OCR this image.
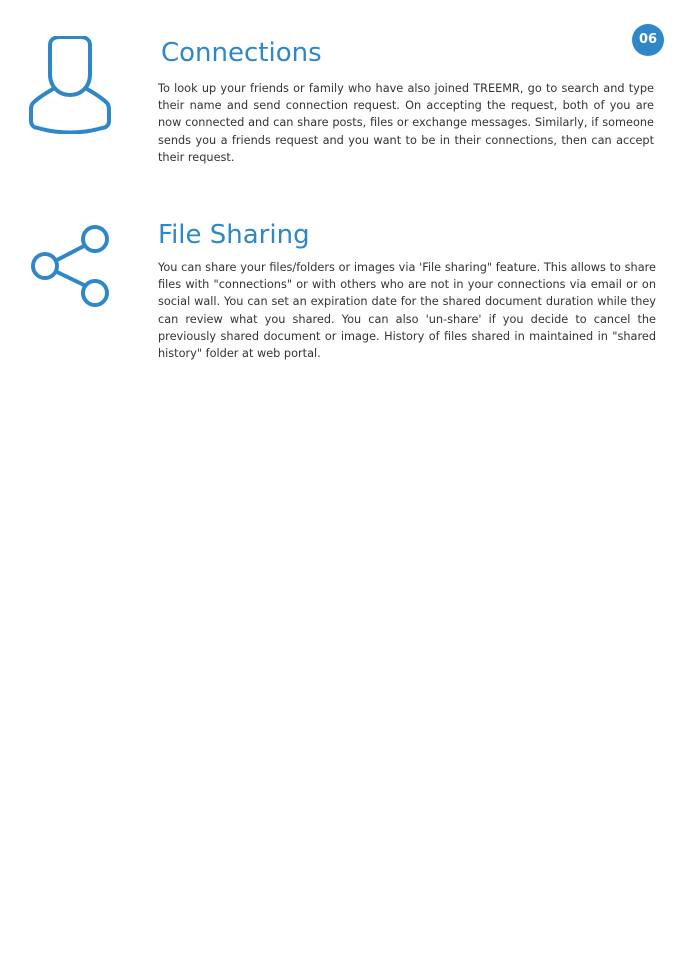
06
Connections

To look up your friends or family who have also joined TREEMR, go to search and type their name and send connection request. On accepting the request, both of you are now connected and can share posts, files or exchange messages. Similarly, if someone sends you a friends request and you want to be in their connections, then can accept their request.

File Sharing

You can share your files/folders or images via 'File sharing" feature. This allows to share files with "connections" or with others who are not in your connections via email or on social wall. You can set an expiration date for the shared document duration while they can review what you shared. You can also 'un-share' if you decide to cancel the previously shared document or image. History of files shared in maintained in "shared history" folder at web portal.
